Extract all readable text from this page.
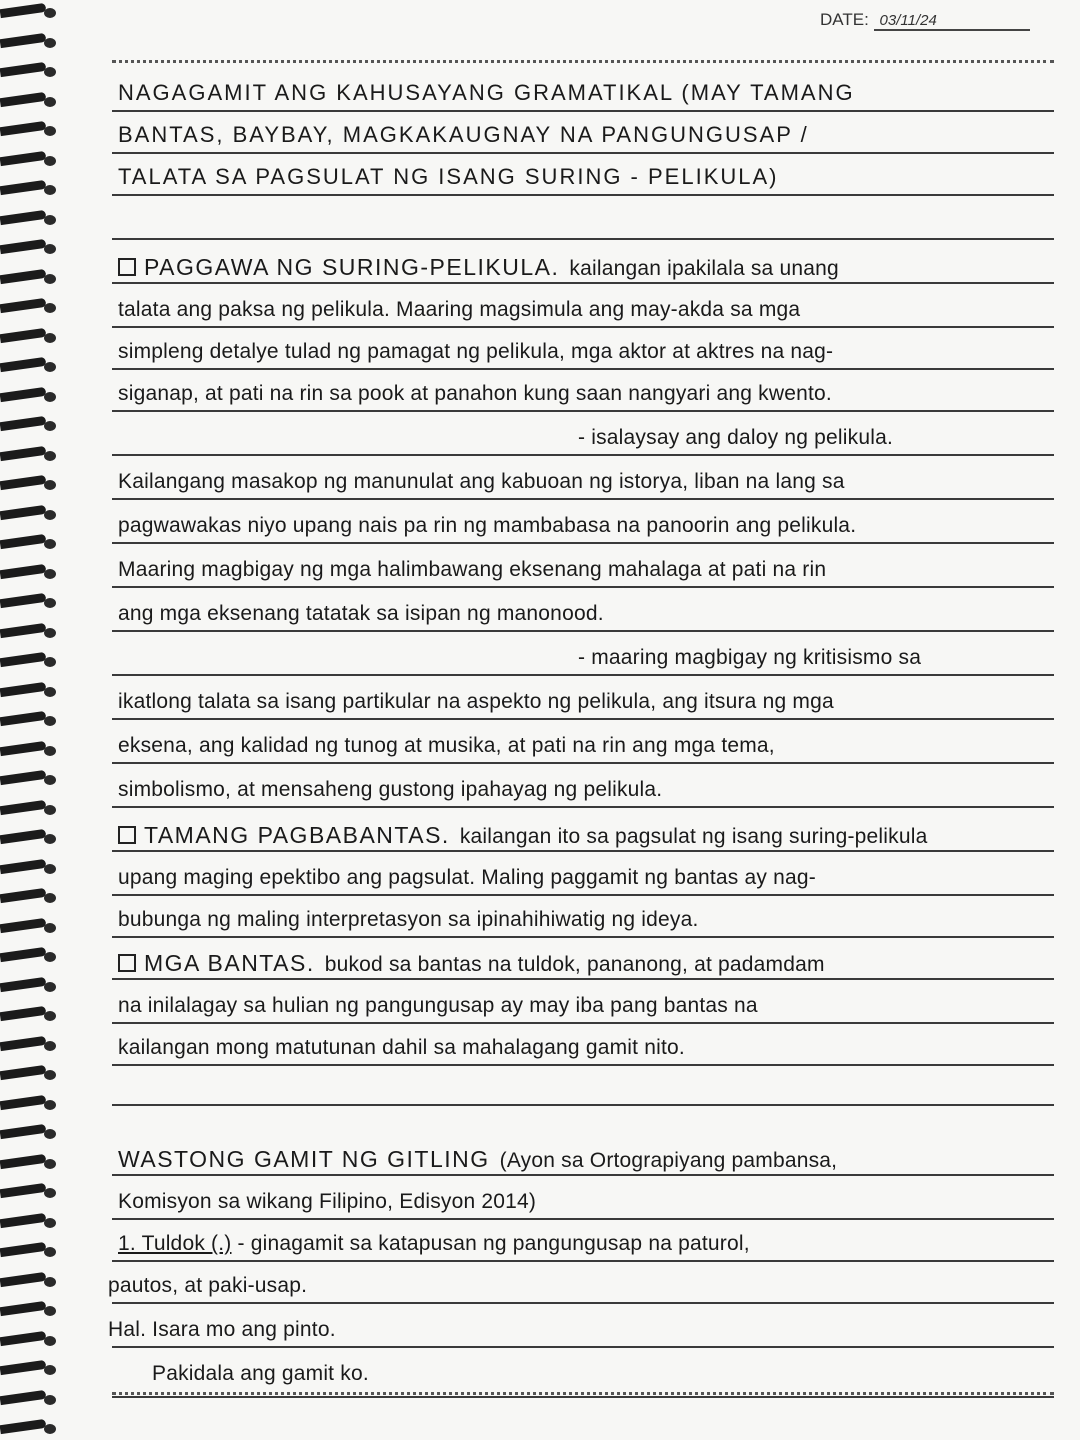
DATE: 03/11/24
NAGAGAMIT ANG KAHUSAYANG GRAMATIKAL (MAY TAMANG
BANTAS, BAYBAY, MAGKAKAUGNAY NA PANGUNGUSAP /
TALATA SA PAGSULAT NG ISANG SURING - PELIKULA)
PAGGAWA NG SURING-PELIKULA. kailangan ipakilala sa unang
talata ang paksa ng pelikula. Maaring magsimula ang may-akda sa mga
simpleng detalye tulad ng pamagat ng pelikula, mga aktor at aktres na nag-
siganap, at pati na rin sa pook at panahon kung saan nangyari ang kwento.
- isalaysay ang daloy ng pelikula.
Kailangang masakop ng manunulat ang kabuoan ng istorya, liban na lang sa
pagwawakas niyo upang nais pa rin ng mambabasa na panoorin ang pelikula.
Maaring magbigay ng mga halimbawang eksenang mahalaga at pati na rin
ang mga eksenang tatatak sa isipan ng manonood.
- maaring magbigay ng kritisismo sa
ikatlong talata sa isang partikular na aspekto ng pelikula, ang itsura ng mga
eksena, ang kalidad ng tunog at musika, at pati na rin ang mga tema,
simbolismo, at mensaheng gustong ipahayag ng pelikula.
TAMANG PAGBABANTAS. kailangan ito sa pagsulat ng isang suring-pelikula
upang maging epektibo ang pagsulat. Maling paggamit ng bantas ay nag-
bubunga ng maling interpretasyon sa ipinahihiwatig ng ideya.
MGA BANTAS. bukod sa bantas na tuldok, pananong, at padamdam
na inilalagay sa hulian ng pangungusap ay may iba pang bantas na
kailangan mong matutunan dahil sa mahalagang gamit nito.
WASTONG GAMIT NG GITLING (Ayon sa Ortograpiyang pambansa,
Komisyon sa wikang Filipino, Edisyon 2014)
1. Tuldok (.) - ginagamit sa katapusan ng pangungusap na paturol,
pautos, at paki-usap.
Hal. Isara mo ang pinto.
Pakidala ang gamit ko.
